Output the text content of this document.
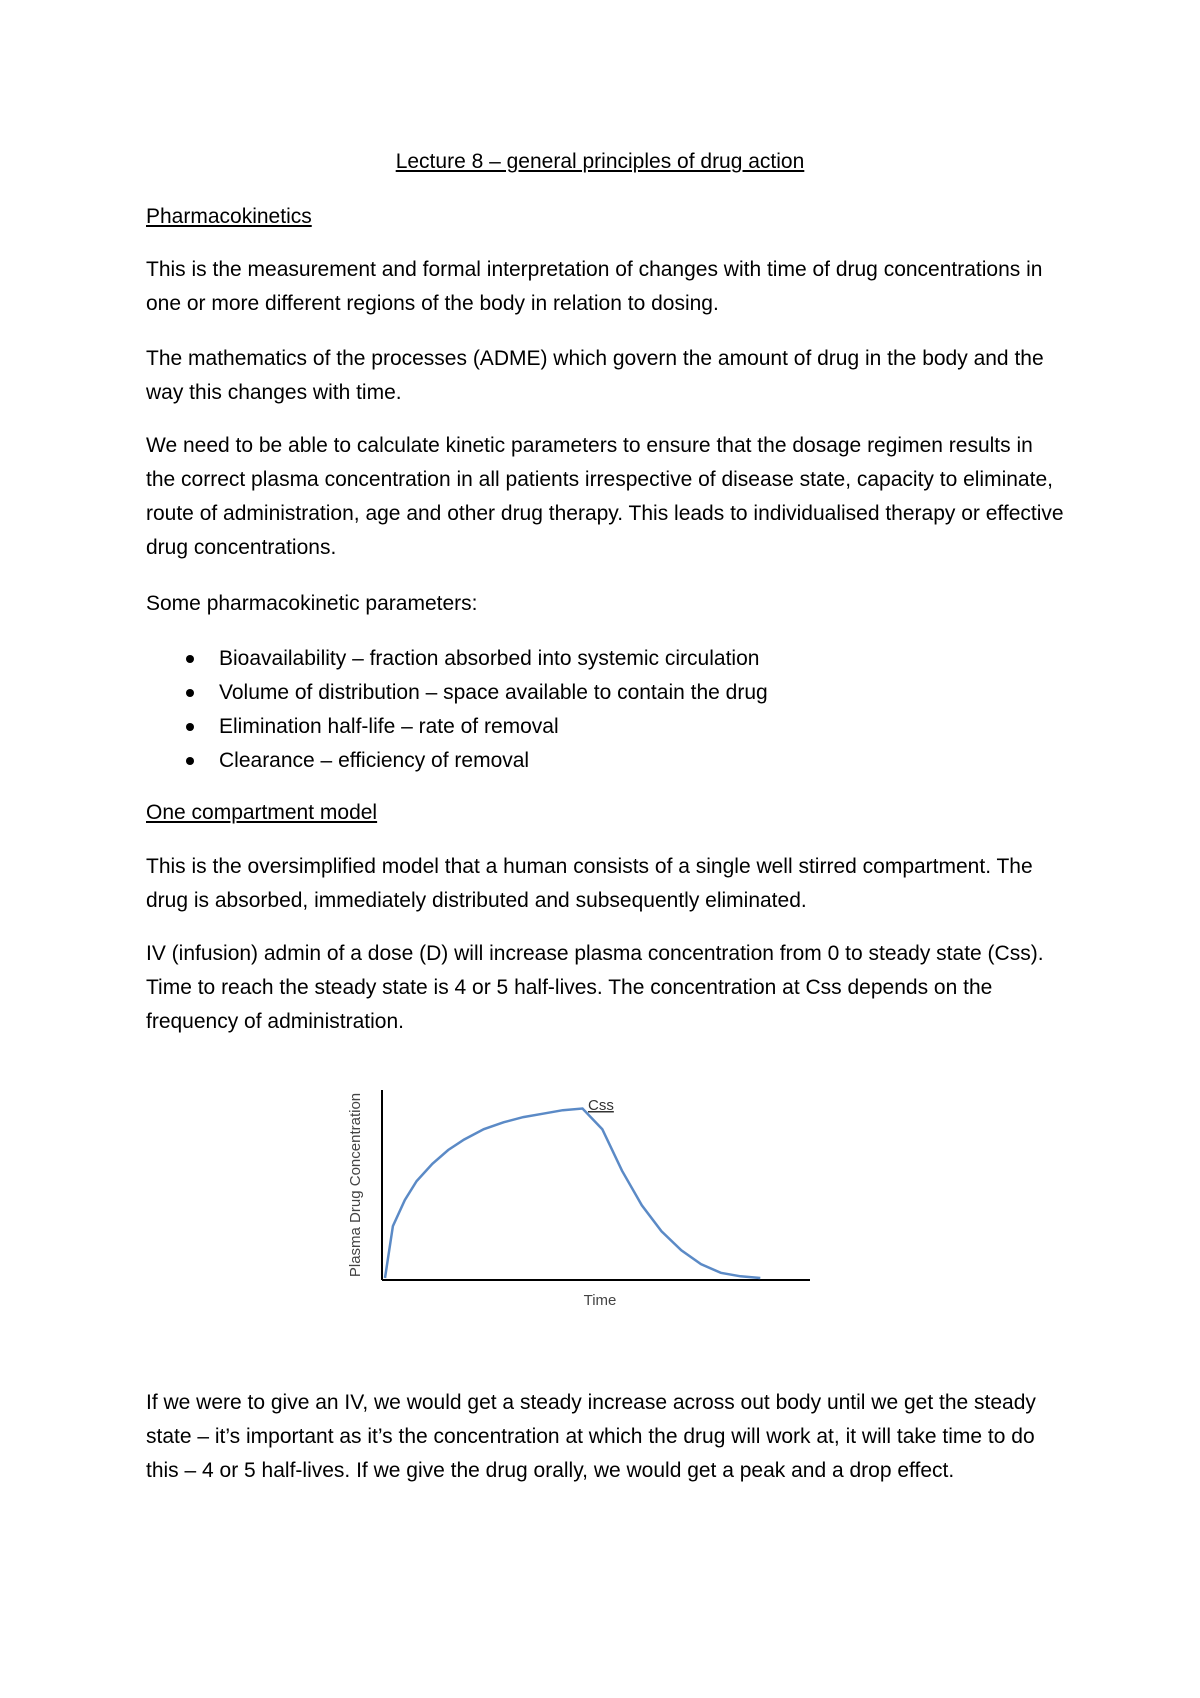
Lecture 8 – general principles of drug action

Pharmacokinetics

This is the measurement and formal interpretation of changes with time of drug concentrations in one or more different regions of the body in relation to dosing.

The mathematics of the processes (ADME) which govern the amount of drug in the body and the way this changes with time.

We need to be able to calculate kinetic parameters to ensure that the dosage regimen results in the correct plasma concentration in all patients irrespective of disease state, capacity to eliminate, route of administration, age and other drug therapy. This leads to individualised therapy or effective drug concentrations.

Some pharmacokinetic parameters:

Bioavailability – fraction absorbed into systemic circulation
Volume of distribution – space available to contain the drug
Elimination half-life – rate of removal
Clearance – efficiency of removal

One compartment model

This is the oversimplified model that a human consists of a single well stirred compartment. The drug is absorbed, immediately distributed and subsequently eliminated.

IV (infusion) admin of a dose (D) will increase plasma concentration from 0 to steady state (Css). Time to reach the steady state is 4 or 5 half-lives. The concentration at Css depends on the frequency of administration.

Time
Plasma Drug Concentration	Css

If we were to give an IV, we would get a steady increase across out body until we get the steady state – it’s important as it’s the concentration at which the drug will work at, it will take time to do this – 4 or 5 half-lives. If we give the drug orally, we would get a peak and a drop effect.
